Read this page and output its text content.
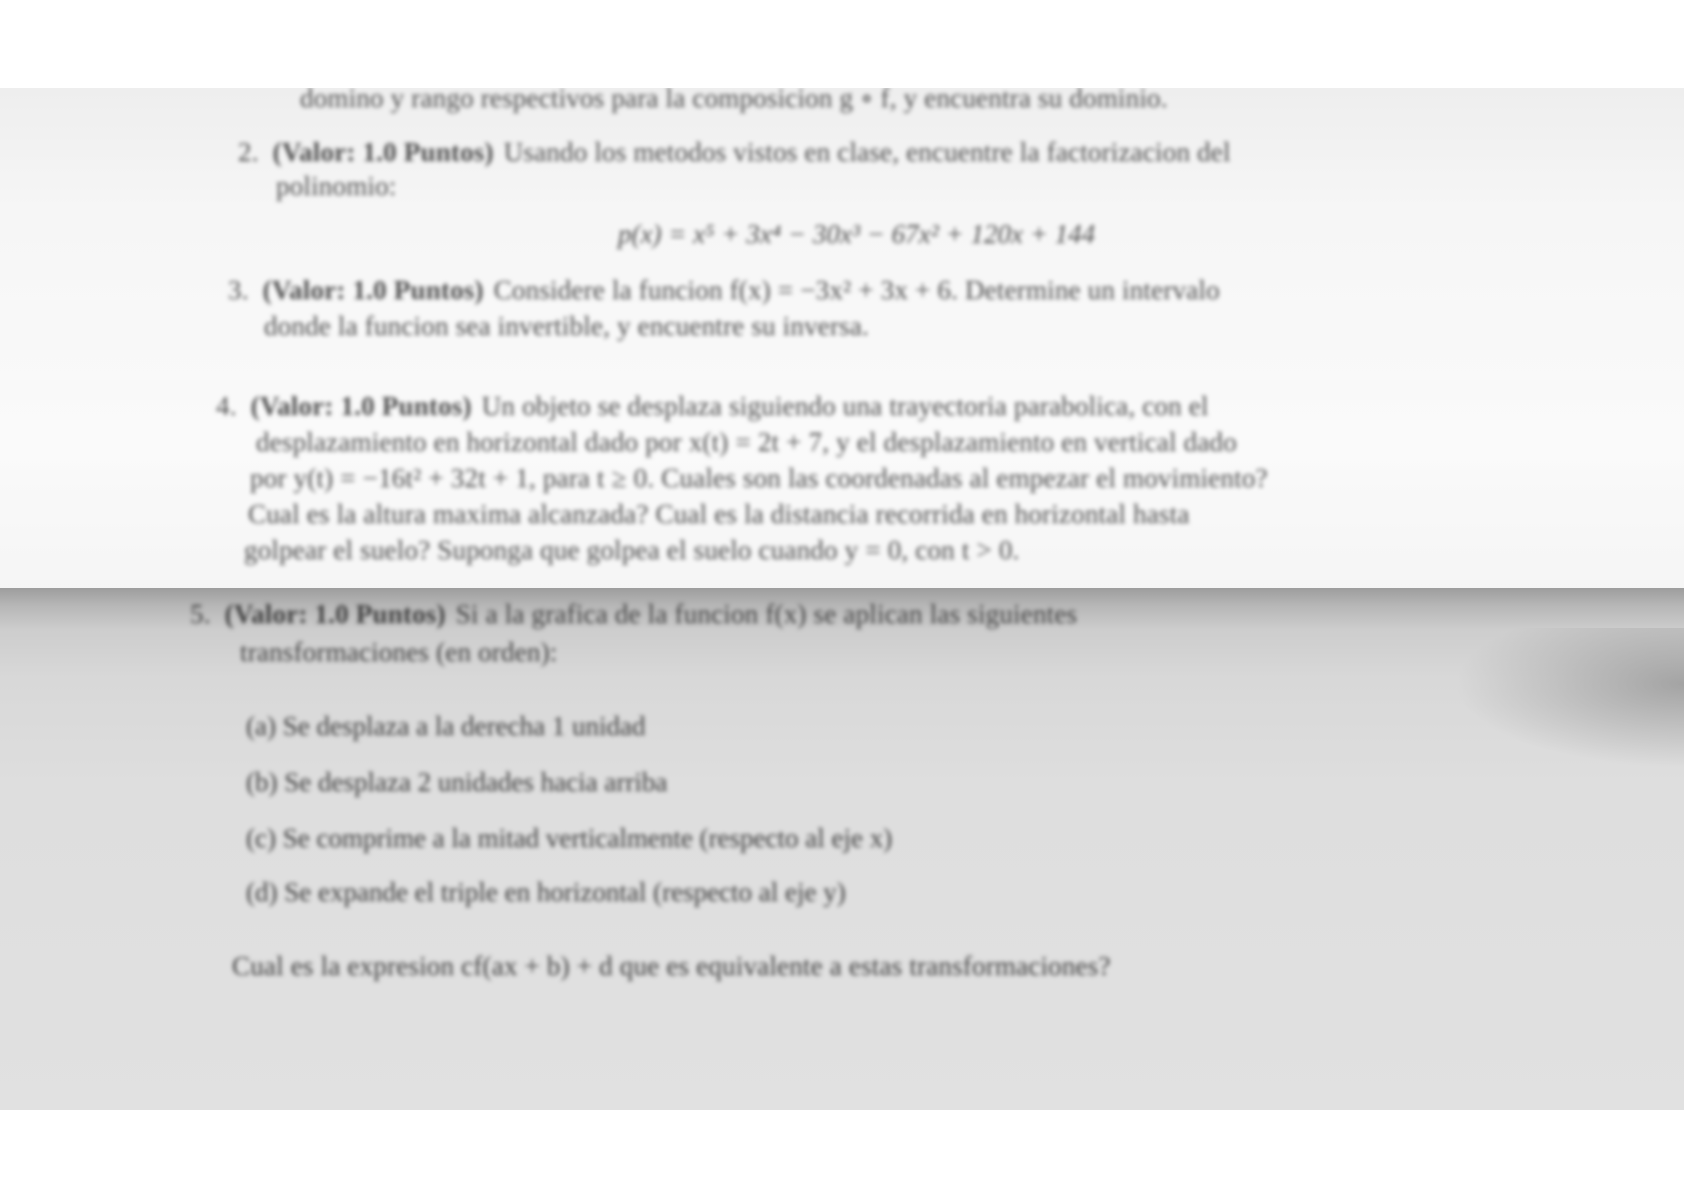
domino y rango respectivos para la composicion g ∘ f, y encuentra su dominio.
2. (Valor: 1.0 Puntos) Usando los metodos vistos en clase, encuentre la factorizacion del
polinomio:
p(x) = x⁵ + 3x⁴ − 30x³ − 67x² + 120x + 144
3. (Valor: 1.0 Puntos) Considere la funcion f(x) = −3x² + 3x + 6. Determine un intervalo
donde la funcion sea invertible, y encuentre su inversa.
4. (Valor: 1.0 Puntos) Un objeto se desplaza siguiendo una trayectoria parabolica, con el
desplazamiento en horizontal dado por x(t) = 2t + 7, y el desplazamiento en vertical dado
por y(t) = −16t² + 32t + 1, para t ≥ 0. Cuales son las coordenadas al empezar el movimiento?
Cual es la altura maxima alcanzada? Cual es la distancia recorrida en horizontal hasta
golpear el suelo? Suponga que golpea el suelo cuando y = 0, con t > 0.
5. (Valor: 1.0 Puntos) Si a la grafica de la funcion f(x) se aplican las siguientes
transformaciones (en orden):
(a) Se desplaza a la derecha 1 unidad
(b) Se desplaza 2 unidades hacia arriba
(c) Se comprime a la mitad verticalmente (respecto al eje x)
(d) Se expande el triple en horizontal (respecto al eje y)
Cual es la expresion cf(ax + b) + d que es equivalente a estas transformaciones?
